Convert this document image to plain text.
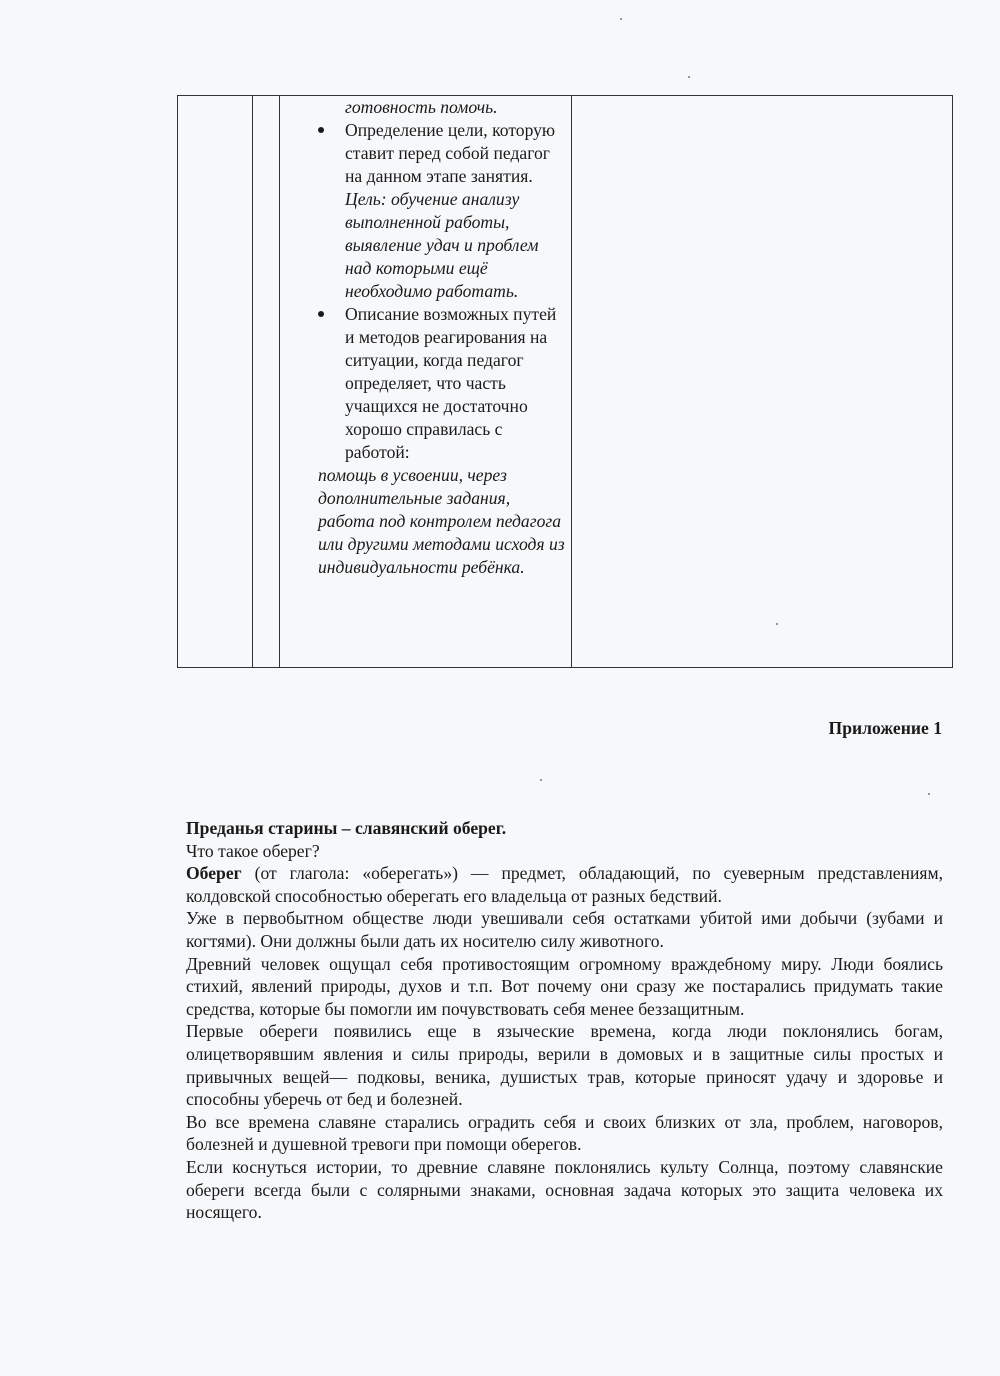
готовность помочь.
Определение цели, которую ставит перед собой педагог на данном этапе занятия. Цель: обучение анализу выполненной работы, выявление удач и проблем над которыми ещё необходимо работать.
Описание возможных путей и методов реагирования на ситуации, когда педагог определяет, что часть учащихся не достаточно хорошо справилась с работой:
помощь в усвоении, через дополнительные задания, работа под контролем педагога или другими методами исходя из индивидуальности ребёнка.
Приложение 1

Преданья старины – славянский оберег.

Что такое оберег?

Оберег (от глагола: «оберегать») — предмет, обладающий, по суеверным представлениям, колдовской способностью оберегать его владельца от разных бедствий.

Уже в первобытном обществе люди увешивали себя остатками убитой ими добычи (зубами и когтями). Они должны были дать их носителю силу животного.

Древний человек ощущал себя противостоящим огромному враждебному миру. Люди боялись стихий, явлений природы, духов и т.п. Вот почему они сразу же постарались придумать такие средства, которые бы помогли им почувствовать себя менее беззащитным.

Первые обереги появились еще в языческие времена, когда люди поклонялись богам, олицетворявшим явления и силы природы, верили в домовых и в защитные силы простых и привычных вещей— подковы, веника, душистых трав, которые приносят удачу и здоровье и способны уберечь от бед и болезней.

Во все времена славяне старались оградить себя и своих близких от зла, проблем, наговоров, болезней и душевной тревоги при помощи оберегов.

Если коснуться истории, то древние славяне поклонялись культу Солнца, поэтому славянские обереги всегда были с солярными знаками, основная задача которых это защита человека их носящего.
